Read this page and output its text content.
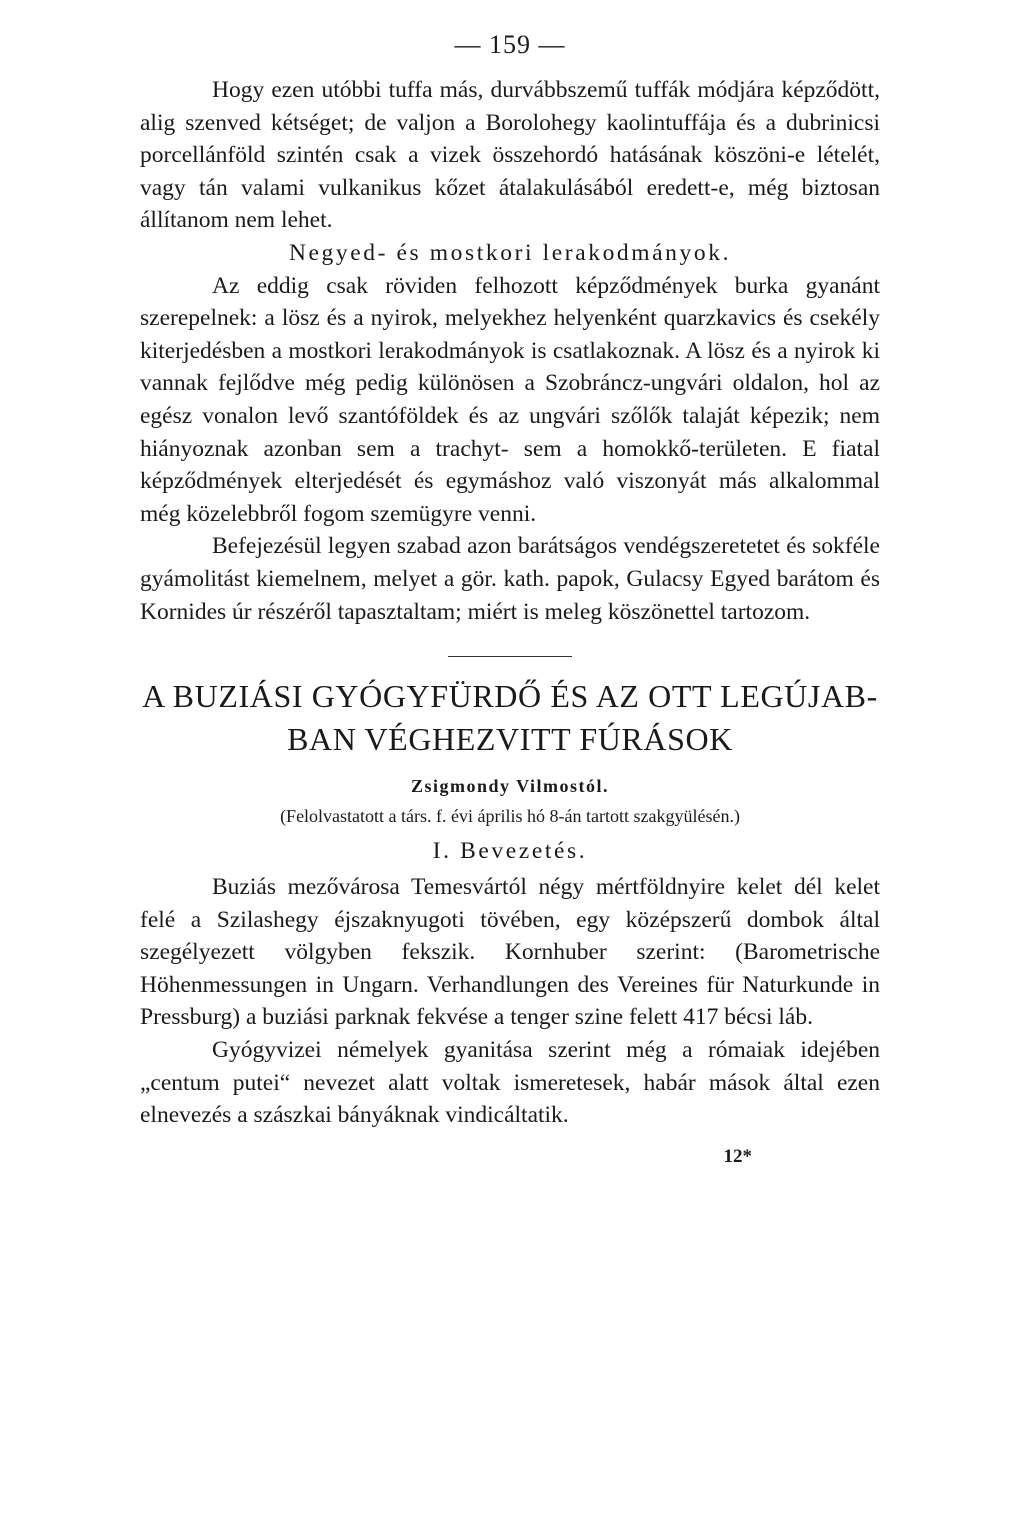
— 159 —

Hogy ezen utóbbi tuffa más, durvábbszemű tuffák módjára képződött, alig szenved kétséget; de valjon a Borolohegy kaolintuffája és a dubrinicsi porcellánföld szintén csak a vizek összehordó hatásának köszöni-e lételét, vagy tán valami vulkanikus kőzet átalakulásából eredett-e, még biztosan állítanom nem lehet.

Negyed- és mostkori lerakodmányok.

Az eddig csak röviden felhozott képződmények burka gyanánt szerepelnek: a lösz és a nyirok, melyekhez helyenként quarzkavics és csekély kiterjedésben a mostkori lerakodmányok is csatlakoznak. A lösz és a nyirok ki vannak fejlődve még pedig különösen a Szobráncz-ungvári oldalon, hol az egész vonalon levő szantóföldek és az ungvári szőlők talaját képezik; nem hiányoznak azonban sem a trachyt- sem a homokkő-területen. E fiatal képződmények elterjedését és egymáshoz való viszonyát más alkalommal még közelebbről fogom szemügyre venni.

Befejezésül legyen szabad azon barátságos vendégszeretetet és sokféle gyámolitást kiemelnem, melyet a gör. kath. papok, Gulacsy Egyed barátom és Kornides úr részéről tapasztaltam; miért is meleg köszönettel tartozom.

A BUZIÁSI GYÓGYFÜRDŐ ÉS AZ OTT LEGÚJAB-
BAN VÉGHEZVITT FÚRÁSOK
Zsigmondy Vilmostól.
(Felolvastatott a társ. f. évi április hó 8-án tartott szakgyülésén.)
I. Bevezetés.

Buziás mezővárosa Temesvártól négy mértföldnyire kelet dél kelet felé a Szilashegy éjszaknyugoti tövében, egy középszerű dombok által szegélyezett völgyben fekszik. Kornhuber szerint: (Barometrische Höhenmessungen in Ungarn. Verhandlungen des Vereines für Naturkunde in Pressburg) a buziási parknak fekvése a tenger szine felett 417 bécsi láb.

Gyógyvizei némelyek gyanitása szerint még a rómaiak idejében „centum putei“ nevezet alatt voltak ismeretesek, habár mások által ezen elnevezés a szászkai bányáknak vindicáltatik.

12*
